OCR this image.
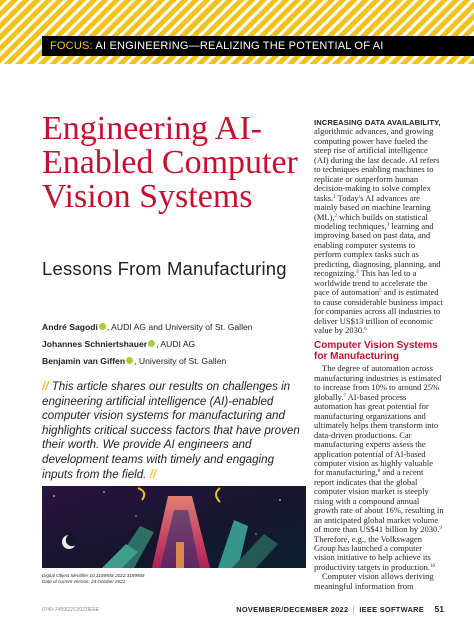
FOCUS: AI ENGINEERING—REALIZING THE POTENTIAL OF AI
Engineering AI-Enabled Computer Vision Systems
Lessons From Manufacturing
André Sagodi , AUDI AG and University of St. Gallen
Johannes Schniertshauer , AUDI AG
Benjamin van Giffen , University of St. Gallen
// This article shares our results on challenges in engineering artificial intelligence (AI)-enabled computer vision systems for manufacturing and highlights critical success factors that have proven their worth. We provide AI engineers and development teams with timely and engaging inputs from the field. //
Digital Object Identifier 10.1109/MS.2022.3189904
Date of current version: 24 October 2022

INCREASING DATA AVAILABILITY, algorithmic advances, and growing computing power have fueled the steep rise of artificial intelligence (AI) during the last decade. AI refers to techniques enabling machines to replicate or outperform human decision-making to solve complex tasks.$^1$ Today's AI advances are mainly based on machine learning (ML),$^2$ which builds on statistical modeling techniques,$^3$ learning and improving based on past data, and enabling computer systems to perform complex tasks such as predicting, diagnosing, planning, and recognizing.$^4$ This has led to a worldwide trend to accelerate the pace of automation$^5$ and is estimated to cause considerable business impact for companies across all industries to deliver US$13 trillion of economic value by 2030.$^6$

Computer Vision Systems for Manufacturing

The degree of automation across manufacturing industries is estimated to increase from 10% to around 25% globally.$^7$ AI-based process automation has great potential for manufacturing organizations and ultimately helps them transform into data-driven productions. Car manufacturing experts assess the application potential of AI-based computer vision as highly valuable for manufacturing,$^8$ and a recent report indicates that the global computer vision market is steeply rising with a compound annual growth rate of about 16%, resulting in an anticipated global market volume of more than US$41 billion by 2030.$^9$ Therefore, e.g., the Volkswagen Group has launched a computer vision initiative to help achieve its productivity targets in production.$^{10}$

Computer vision allows deriving meaningful information from

0740-7459/22©2022IEEE	NOVEMBER/DECEMBER 2022 | IEEE SOFTWARE 51
